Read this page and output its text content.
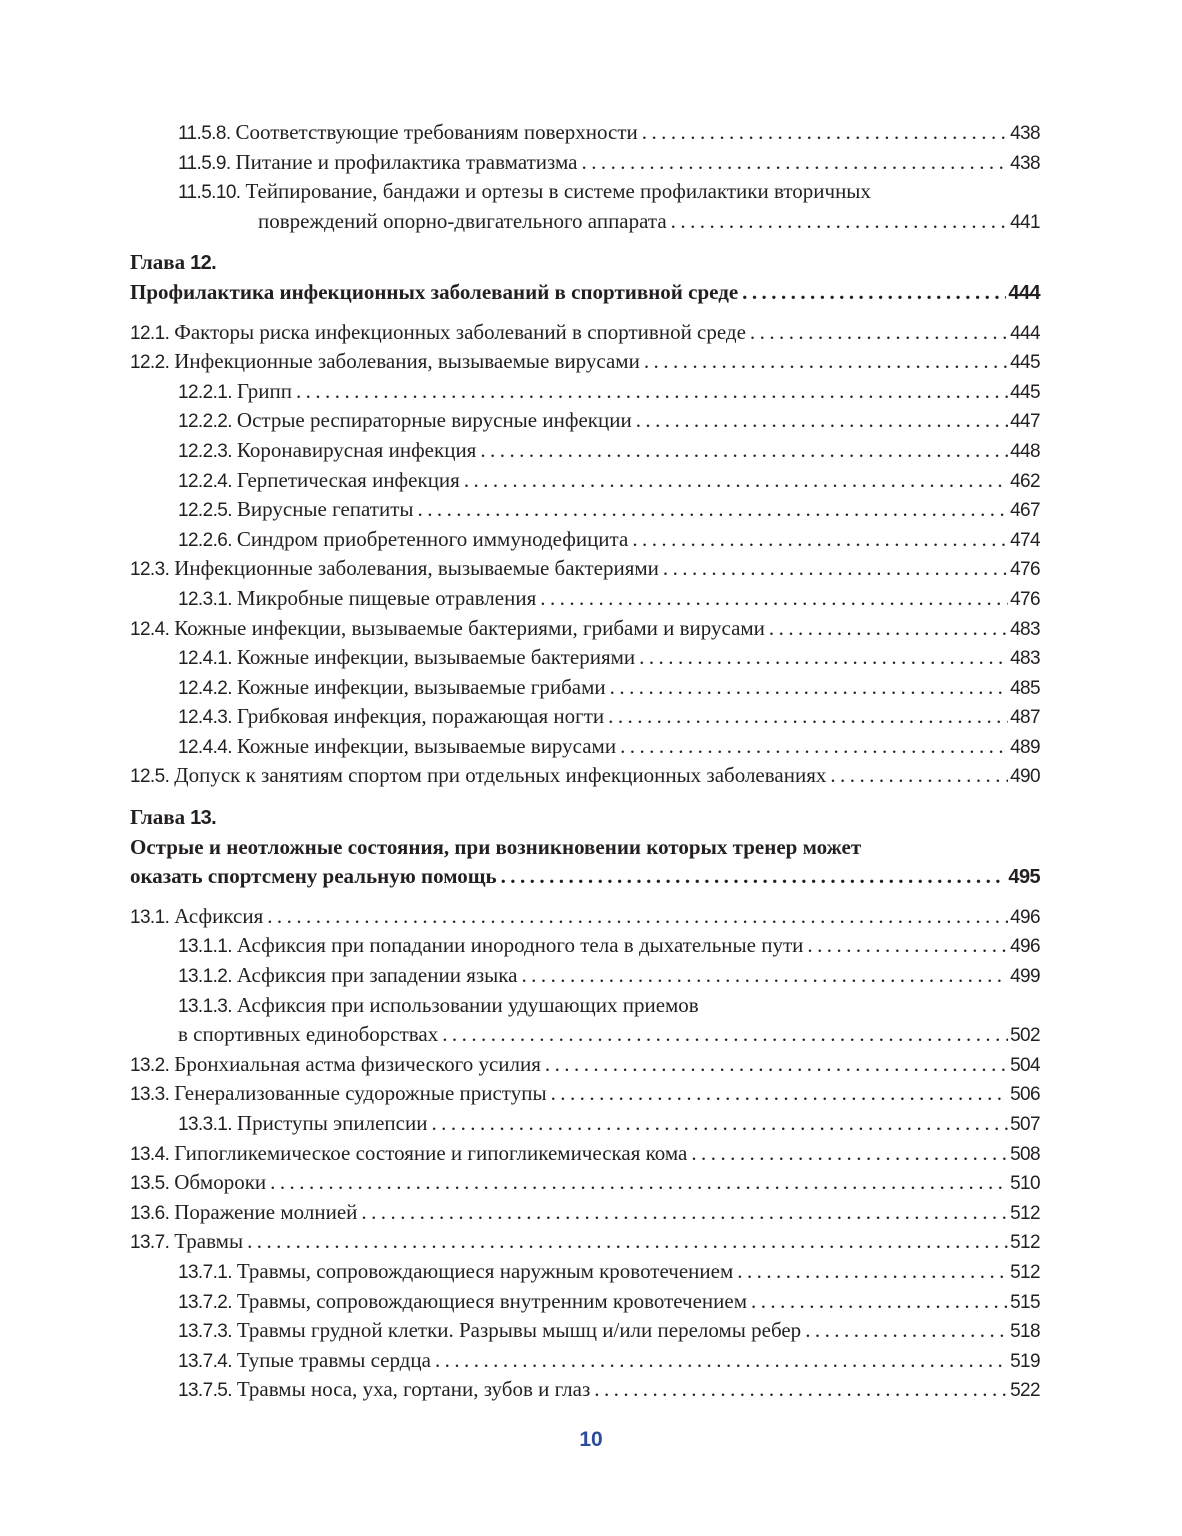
11.5.8. Соответствующие требованиям поверхности . . .	438
11.5.9. Питание и профилактика травматизма . . .	438
11.5.10. Тейпирование, бандажи и ортезы в системе профилактики вторичных
повреждений опорно-двигательного аппарата . . .	441
Глава 12.
Профилактика инфекционных заболеваний в спортивной среде . . .	444
12.1. Факторы риска инфекционных заболеваний в спортивной среде . . .	444
12.2. Инфекционные заболевания, вызываемые вирусами . . .	445
12.2.1. Грипп . . .	445
12.2.2. Острые респираторные вирусные инфекции . . .	447
12.2.3. Коронавирусная инфекция . . .	448
12.2.4. Герпетическая инфекция . . .	462
12.2.5. Вирусные гепатиты . . .	467
12.2.6. Синдром приобретенного иммунодефицита . . .	474
12.3. Инфекционные заболевания, вызываемые бактериями . . .	476
12.3.1. Микробные пищевые отравления . . .	476
12.4. Кожные инфекции, вызываемые бактериями, грибами и вирусами . . .	483
12.4.1. Кожные инфекции, вызываемые бактериями . . .	483
12.4.2. Кожные инфекции, вызываемые грибами . . .	485
12.4.3. Грибковая инфекция, поражающая ногти . . .	487
12.4.4. Кожные инфекции, вызываемые вирусами . . .	489
12.5. Допуск к занятиям спортом при отдельных инфекционных заболеваниях . . .	490
Глава 13.
Острые и неотложные состояния, при возникновении которых тренер может
оказать спортсмену реальную помощь . . .	495
13.1. Асфиксия . . .	496
13.1.1. Асфиксия при попадании инородного тела в дыхательные пути . . .	496
13.1.2. Асфиксия при западении языка . . .	499
13.1.3. Асфиксия при использовании удушающих приемов
в спортивных единоборствах . . .	502
13.2. Бронхиальная астма физического усилия . . .	504
13.3. Генерализованные судорожные приступы . . .	506
13.3.1. Приступы эпилепсии . . .	507
13.4. Гипогликемическое состояние и гипогликемическая кома . . .	508
13.5. Обмороки . . .	510
13.6. Поражение молнией . . .	512
13.7. Травмы . . .	512
13.7.1. Травмы, сопровождающиеся наружным кровотечением . . .	512
13.7.2. Травмы, сопровождающиеся внутренним кровотечением . . .	515
13.7.3. Травмы грудной клетки. Разрывы мышц и/или переломы ребер . . .	518
13.7.4. Тупые травмы сердца . . .	519
13.7.5. Травмы носа, уха, гортани, зубов и глаз . . .	522
10
